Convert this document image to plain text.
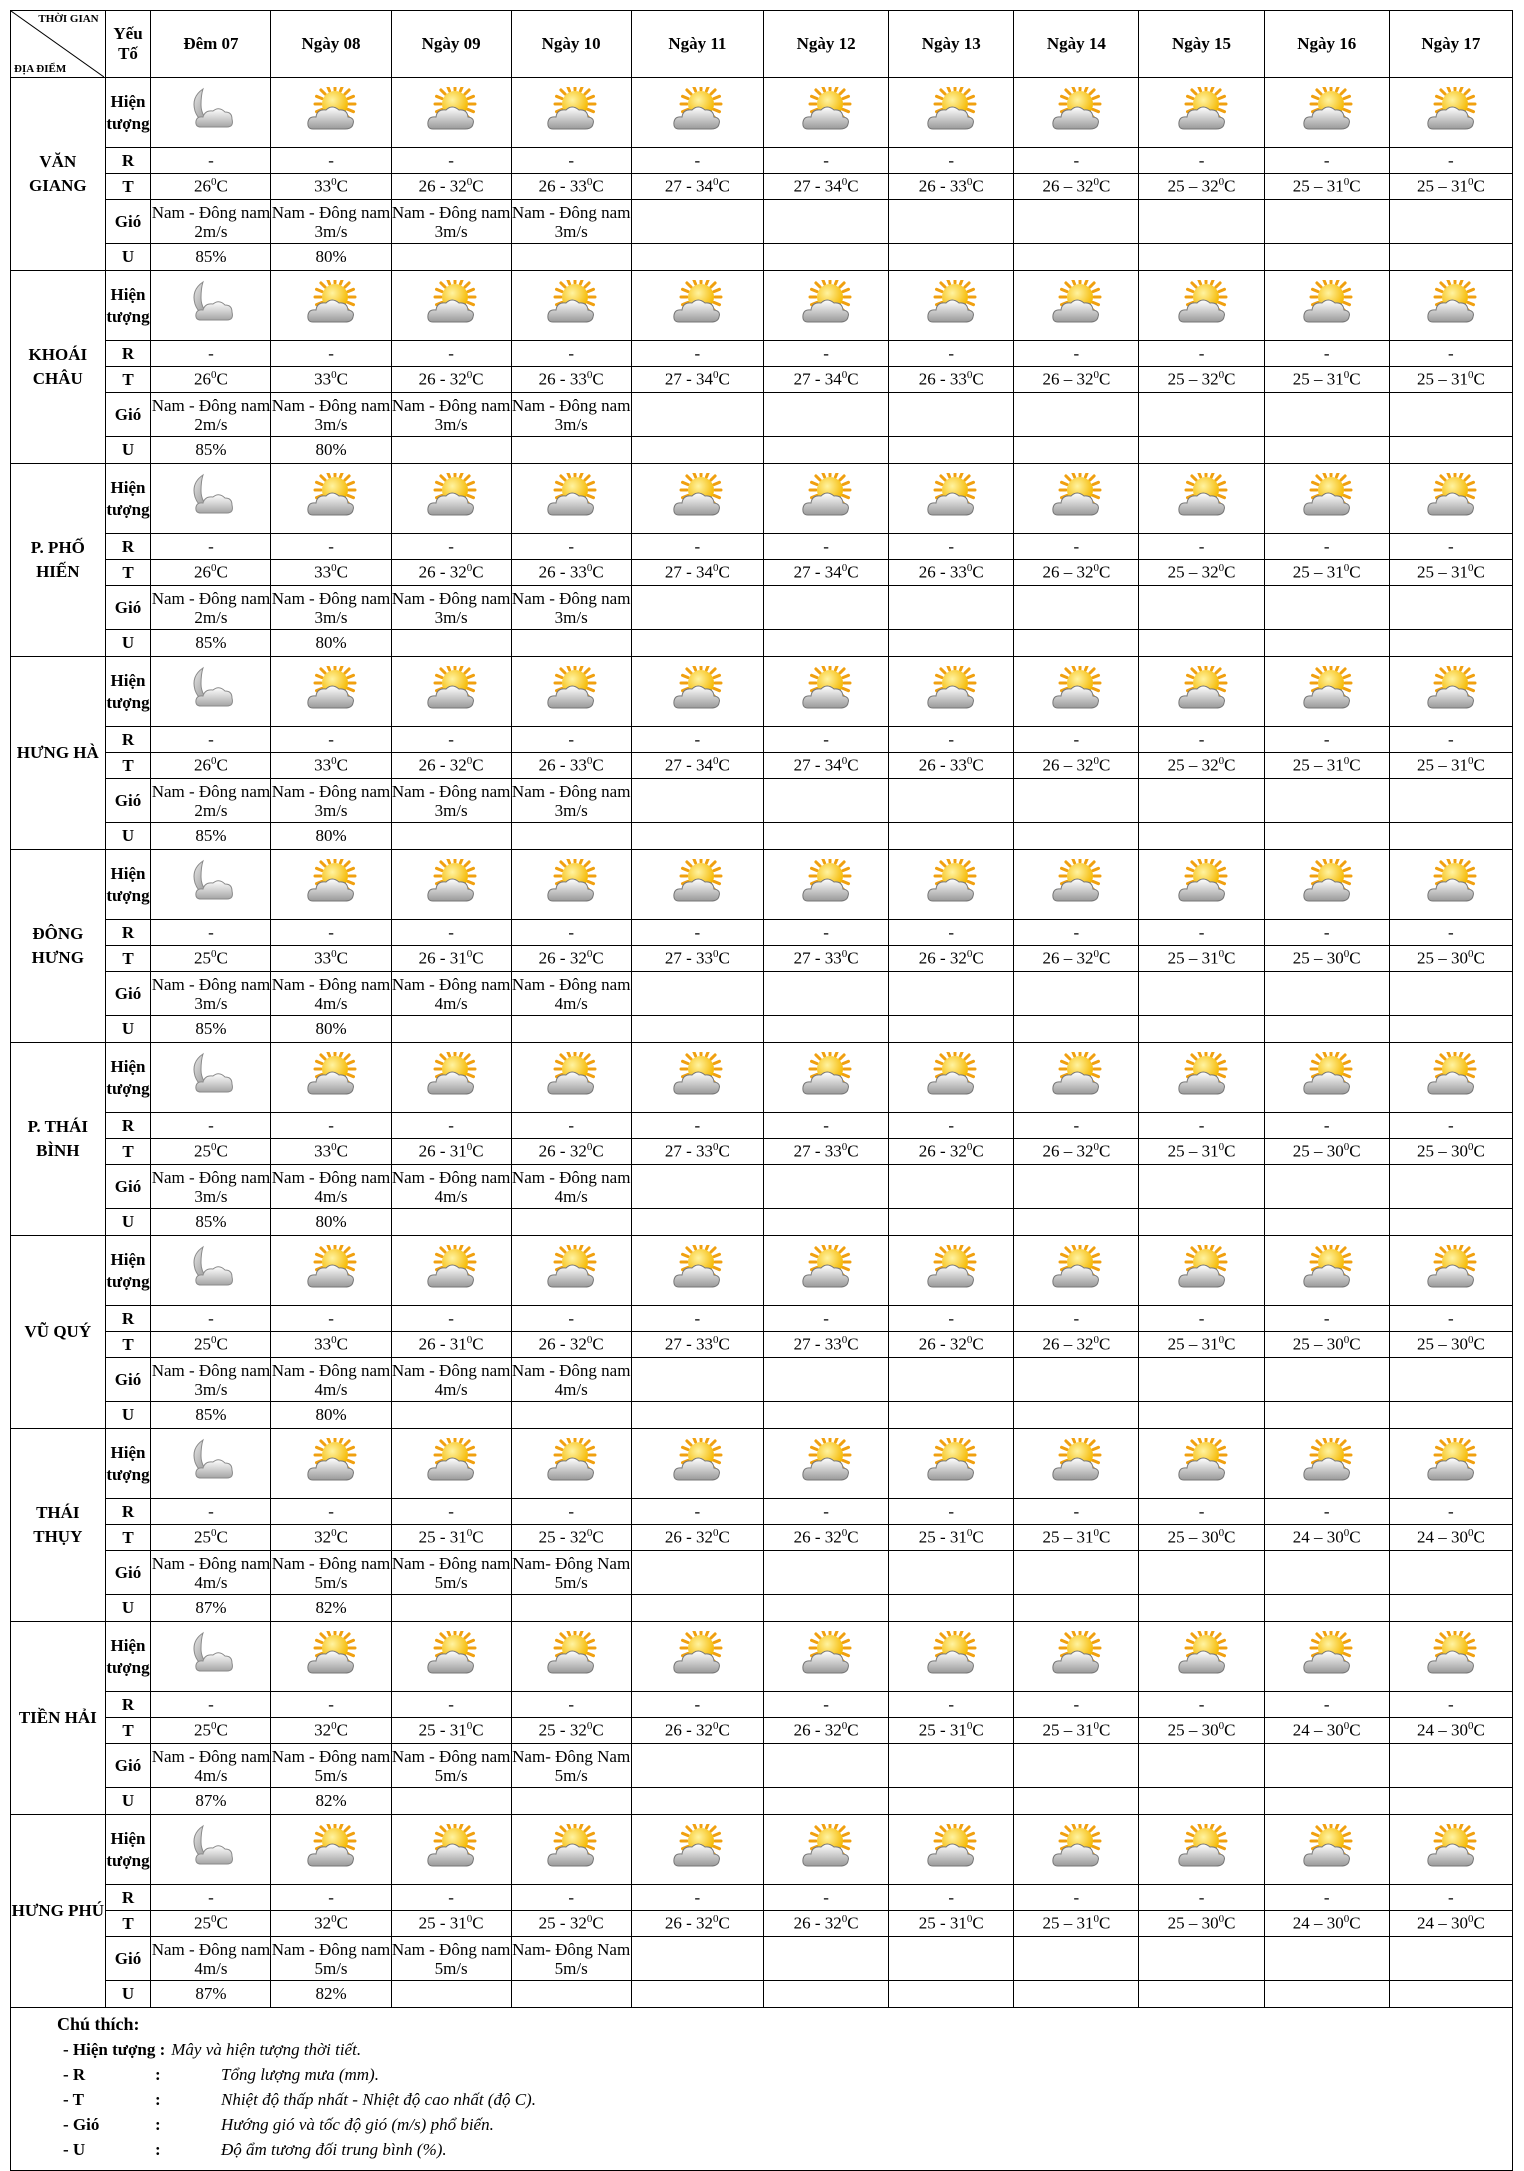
THỜI GIAN
ĐỊA ĐIỂM	Yếu Tố	Đêm 07	Ngày 08	Ngày 09	Ngày 10	Ngày 11	Ngày 12	Ngày 13	Ngày 14	Ngày 15	Ngày 16	Ngày 17
VĂN GIANG	Hiện tượng											
	R	-	-	-	-	-	-	-	-	-	-	-
	T	$26^0C$	$33^0C$	$26 - 32^0C$	$26 - 33^0C$	$27 - 34^0C$	$27 - 34^0C$	$26 - 33^0C$	$26 - 32^0C$	$25 - 32^0C$	$25 - 31^0C$	$25 - 31^0C$
	Gió	Nam - Đông nam 2m/s	Nam - Đông nam 3m/s	Nam - Đông nam 3m/s	Nam - Đông nam 3m/s							
	U	85%	80%									
KHOÁI CHÂU	Hiện tượng											
	R	-	-	-	-	-	-	-	-	-	-	-
	T	$26^0C$	$33^0C$	$26 - 32^0C$	$26 - 33^0C$	$27 - 34^0C$	$27 - 34^0C$	$26 - 33^0C$	$26 - 32^0C$	$25 - 32^0C$	$25 - 31^0C$	$25 - 31^0C$
	Gió	Nam - Đông nam 2m/s	Nam - Đông nam 3m/s	Nam - Đông nam 3m/s	Nam - Đông nam 3m/s							
	U	85%	80%									
P. PHỐ HIẾN	Hiện tượng											
	R	-	-	-	-	-	-	-	-	-	-	-
	T	$26^0C$	$33^0C$	$26 - 32^0C$	$26 - 33^0C$	$27 - 34^0C$	$27 - 34^0C$	$26 - 33^0C$	$26 - 32^0C$	$25 - 32^0C$	$25 - 31^0C$	$25 - 31^0C$
	Gió	Nam - Đông nam 2m/s	Nam - Đông nam 3m/s	Nam - Đông nam 3m/s	Nam - Đông nam 3m/s							
	U	85%	80%									
HƯNG HÀ	Hiện tượng											
	R	-	-	-	-	-	-	-	-	-	-	-
	T	$26^0C$	$33^0C$	$26 - 32^0C$	$26 - 33^0C$	$27 - 34^0C$	$27 - 34^0C$	$26 - 33^0C$	$26 - 32^0C$	$25 - 32^0C$	$25 - 31^0C$	$25 - 31^0C$
	Gió	Nam - Đông nam 2m/s	Nam - Đông nam 3m/s	Nam - Đông nam 3m/s	Nam - Đông nam 3m/s							
	U	85%	80%									
ĐÔNG HƯNG	Hiện tượng											
	R	-	-	-	-	-	-	-	-	-	-	-
	T	$25^0C$	$33^0C$	$26 - 31^0C$	$26 - 32^0C$	$27 - 33^0C$	$27 - 33^0C$	$26 - 32^0C$	$26 - 32^0C$	$25 - 31^0C$	$25 - 30^0C$	$25 - 30^0C$
	Gió	Nam - Đông nam 3m/s	Nam - Đông nam 4m/s	Nam - Đông nam 4m/s	Nam - Đông nam 4m/s							
	U	85%	80%									
P. THÁI BÌNH	Hiện tượng											
	R	-	-	-	-	-	-	-	-	-	-	-
	T	$25^0C$	$33^0C$	$26 - 31^0C$	$26 - 32^0C$	$27 - 33^0C$	$27 - 33^0C$	$26 - 32^0C$	$26 - 32^0C$	$25 - 31^0C$	$25 - 30^0C$	$25 - 30^0C$
	Gió	Nam - Đông nam 3m/s	Nam - Đông nam 4m/s	Nam - Đông nam 4m/s	Nam - Đông nam 4m/s							
	U	85%	80%									
VŨ QUÝ	Hiện tượng											
	R	-	-	-	-	-	-	-	-	-	-	-
	T	$25^0C$	$33^0C$	$26 - 31^0C$	$26 - 32^0C$	$27 - 33^0C$	$27 - 33^0C$	$26 - 32^0C$	$26 - 32^0C$	$25 - 31^0C$	$25 - 30^0C$	$25 - 30^0C$
	Gió	Nam - Đông nam 3m/s	Nam - Đông nam 4m/s	Nam - Đông nam 4m/s	Nam - Đông nam 4m/s							
	U	85%	80%									
THÁI THỤY	Hiện tượng											
	R	-	-	-	-	-	-	-	-	-	-	-
	T	$25^0C$	$32^0C$	$25 - 31^0C$	$25 - 32^0C$	$26 - 32^0C$	$26 - 32^0C$	$25 - 31^0C$	$25 - 31^0C$	$25 - 30^0C$	$24 - 30^0C$	$24 - 30^0C$
	Gió	Nam - Đông nam 4m/s	Nam - Đông nam 5m/s	Nam - Đông nam 5m/s	Nam- Đông Nam 5m/s							
	U	87%	82%									
TIỀN HẢI	Hiện tượng											
	R	-	-	-	-	-	-	-	-	-	-	-
	T	$25^0C$	$32^0C$	$25 - 31^0C$	$25 - 32^0C$	$26 - 32^0C$	$26 - 32^0C$	$25 - 31^0C$	$25 - 31^0C$	$25 - 30^0C$	$24 - 30^0C$	$24 - 30^0C$
	Gió	Nam - Đông nam 4m/s	Nam - Đông nam 5m/s	Nam - Đông nam 5m/s	Nam- Đông Nam 5m/s							
	U	87%	82%									
HƯNG PHÚ	Hiện tượng											
	R	-	-	-	-	-	-	-	-	-	-	-
	T	$25^0C$	$32^0C$	$25 - 31^0C$	$25 - 32^0C$	$26 - 32^0C$	$26 - 32^0C$	$25 - 31^0C$	$25 - 31^0C$	$25 - 30^0C$	$24 - 30^0C$	$24 - 30^0C$
	Gió	Nam - Đông nam 4m/s	Nam - Đông nam 5m/s	Nam - Đông nam 5m/s	Nam- Đông Nam 5m/s							
	U	87%	82%									
Chú thích:
- Hiện tượng : Mây và hiện tượng thời tiết.
- R	:	Tổng lượng mưa (mm).
- T	:	Nhiệt độ thấp nhất - Nhiệt độ cao nhất (độ C).
- Gió	:	Hướng gió và tốc độ gió (m/s) phổ biến.
- U	:	Độ ẩm tương đối trung bình (%).
